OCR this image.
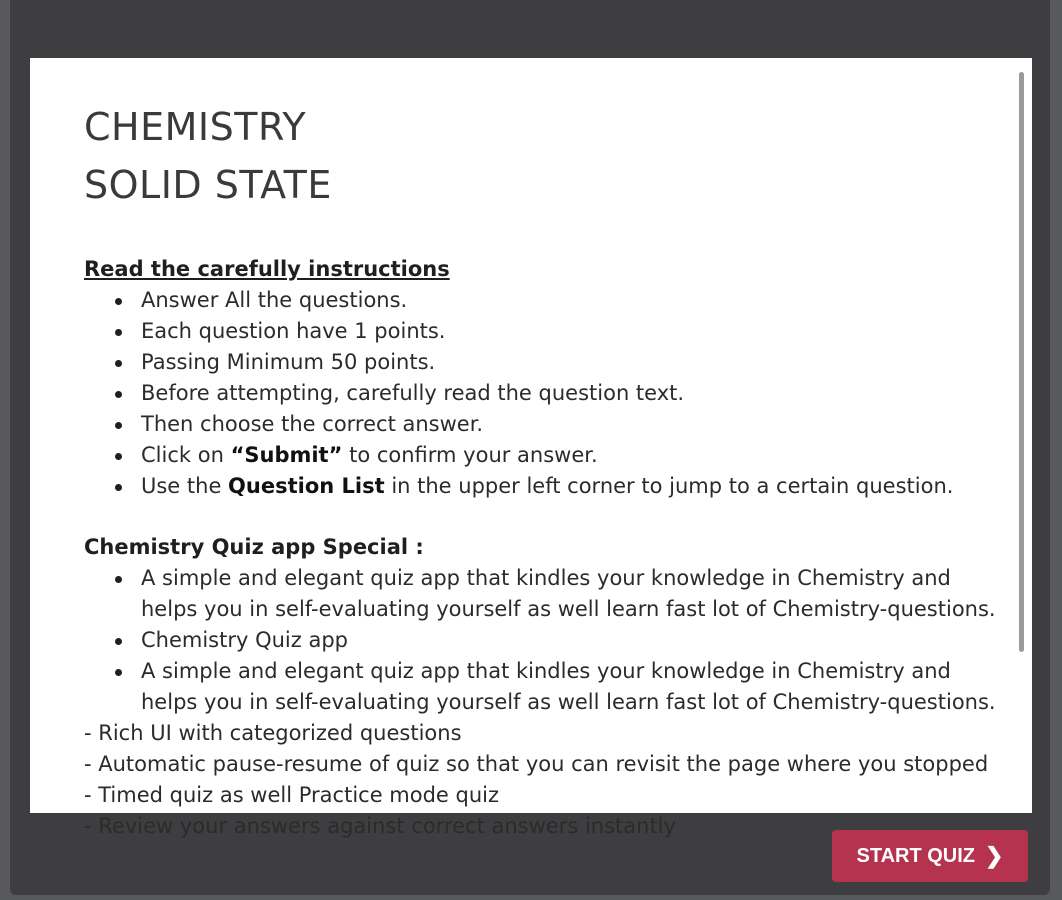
CHEMISTRY
SOLID STATE
Read the carefully instructions
Answer All the questions.
Each question have 1 points.
Passing Minimum 50 points.
Before attempting, carefully read the question text.
Then choose the correct answer.
Click on “Submit” to confirm your answer.
Use the Question List in the upper left corner to jump to a certain question.
Chemistry Quiz app Special :
A simple and elegant quiz app that kindles your knowledge in Chemistry and helps you in self-evaluating yourself as well learn fast lot of Chemistry-questions.
Chemistry Quiz app
A simple and elegant quiz app that kindles your knowledge in Chemistry and helps you in self-evaluating yourself as well learn fast lot of Chemistry-questions.
- Rich UI with categorized questions
- Automatic pause-resume of quiz so that you can revisit the page where you stopped
- Timed quiz as well Practice mode quiz
- Review your answers against correct answers instantly
START QUIZ ❯
